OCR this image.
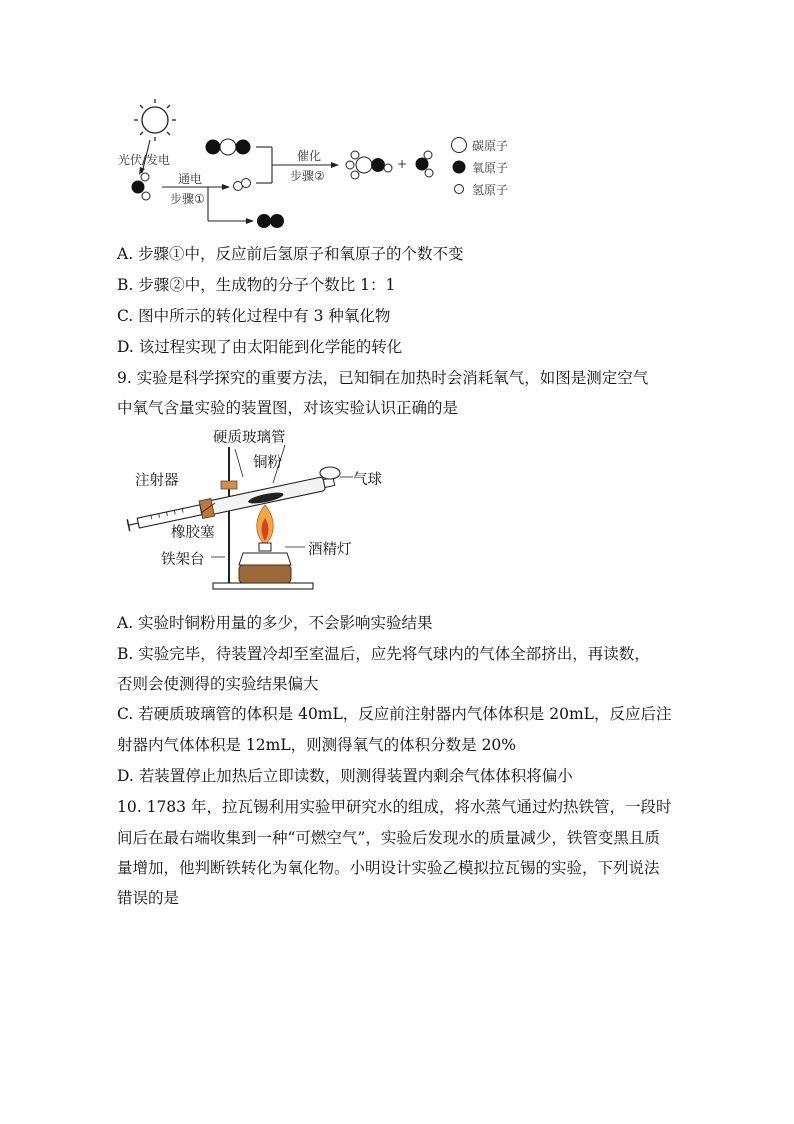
光伏/发电
通电
步骤①
催化
步骤②
+
碳原子
氧原子
氢原子
A. 步骤①中，反应前后氢原子和氧原子的个数不变
B. 步骤②中，生成物的分子个数比 1：1
C. 图中所示的转化过程中有 3 种氧化物
D. 该过程实现了由太阳能到化学能的转化
9. 实验是科学探究的重要方法，已知铜在加热时会消耗氧气，如图是测定空气
中氧气含量实验的装置图，对该实验认识正确的是
硬质玻璃管
注射器
铜粉
气球
橡胶塞
酒精灯
铁架台
A. 实验时铜粉用量的多少，不会影响实验结果
B. 实验完毕，待装置冷却至室温后，应先将气球内的气体全部挤出，再读数，
否则会使测得的实验结果偏大
C. 若硬质玻璃管的体积是 40mL，反应前注射器内气体体积是 20mL，反应后注
射器内气体体积是 12mL，则测得氧气的体积分数是 20%
D. 若装置停止加热后立即读数，则测得装置内剩余气体体积将偏小
10. 1783 年，拉瓦锡利用实验甲研究水的组成，将水蒸气通过灼热铁管，一段时
间后在最右端收集到一种“可燃空气”，实验后发现水的质量减少，铁管变黑且质
量增加，他判断铁转化为氧化物。小明设计实验乙模拟拉瓦锡的实验，下列说法
错误的是
